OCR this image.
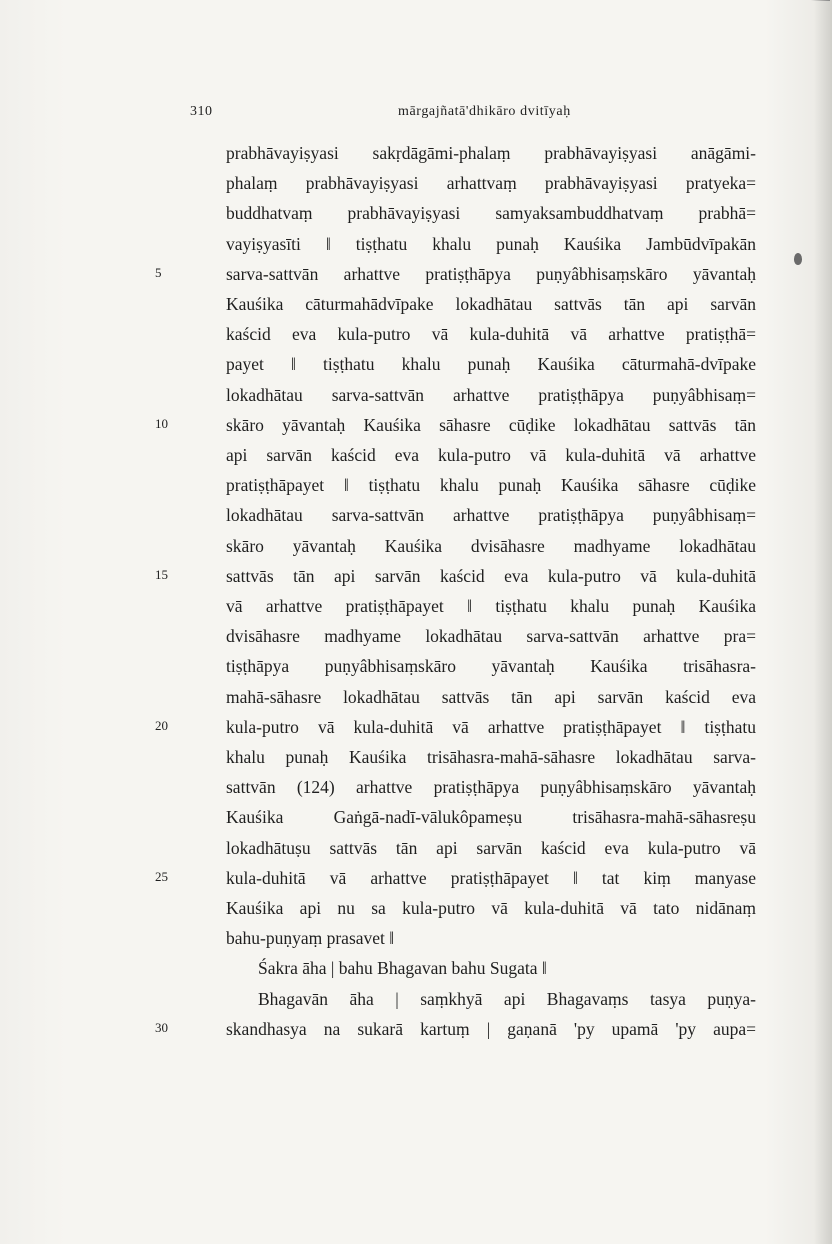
310	mārgajñatā'dhikāro dvitīyaḥ
prabhāvayiṣyasi sakṛdāgāmi-phalaṃ prabhāvayiṣyasi anāgāmi-
phalaṃ prabhāvayiṣyasi arhattvaṃ prabhāvayiṣyasi pratyeka=
buddhatvaṃ prabhāvayiṣyasi samyaksambuddhatvaṃ prabhā=
vayiṣyasīti ‖ tiṣṭhatu khalu punaḥ Kauśika Jambūdvīpakān
5	sarva-sattvān arhattve pratiṣṭhāpya puṇyâbhisaṃskāro yāvantaḥ
Kauśika cāturmahādvīpake lokadhātau sattvās tān api sarvān
kaścid eva kula-putro vā kula-duhitā vā arhattve pratiṣṭhā=
payet ‖ tiṣṭhatu khalu punaḥ Kauśika cāturmahā-dvīpake
lokadhātau sarva-sattvān arhattve pratiṣṭhāpya puṇyâbhisaṃ=
10	skāro yāvantaḥ Kauśika sāhasre cūḍike lokadhātau sattvās tān
api sarvān kaścid eva kula-putro vā kula-duhitā vā arhattve
pratiṣṭhāpayet ‖ tiṣṭhatu khalu punaḥ Kauśika sāhasre cūḍike
lokadhātau sarva-sattvān arhattve pratiṣṭhāpya puṇyâbhisaṃ=
skāro yāvantaḥ Kauśika dvisāhasre madhyame lokadhātau
15	sattvās tān api sarvān kaścid eva kula-putro vā kula-duhitā
vā arhattve pratiṣṭhāpayet ‖ tiṣṭhatu khalu punaḥ Kauśika
dvisāhasre madhyame lokadhātau sarva-sattvān arhattve pra=
tiṣṭhāpya puṇyâbhisaṃskāro yāvantaḥ Kauśika trisāhasra-
mahā-sāhasre lokadhātau sattvās tān api sarvān kaścid eva
20	kula-putro vā kula-duhitā vā arhattve pratiṣṭhāpayet ‖ tiṣṭhatu
khalu punaḥ Kauśika trisāhasra-mahā-sāhasre lokadhātau sarva-
sattvān (124) arhattve pratiṣṭhāpya puṇyâbhisaṃskāro yāvantaḥ
Kauśika Gaṅgā-nadī-vālukôpameṣu trisāhasra-mahā-sāhasreṣu
lokadhātuṣu sattvās tān api sarvān kaścid eva kula-putro vā
25	kula-duhitā vā arhattve pratiṣṭhāpayet ‖ tat kiṃ manyase
Kauśika api nu sa kula-putro vā kula-duhitā vā tato nidānaṃ
bahu-puṇyaṃ prasavet ‖
Śakra āha | bahu Bhagavan bahu Sugata ‖
Bhagavān āha | saṃkhyā api Bhagavaṃs tasya puṇya-
30	skandhasya na sukarā kartuṃ | gaṇanā 'py upamā 'py aupa=
